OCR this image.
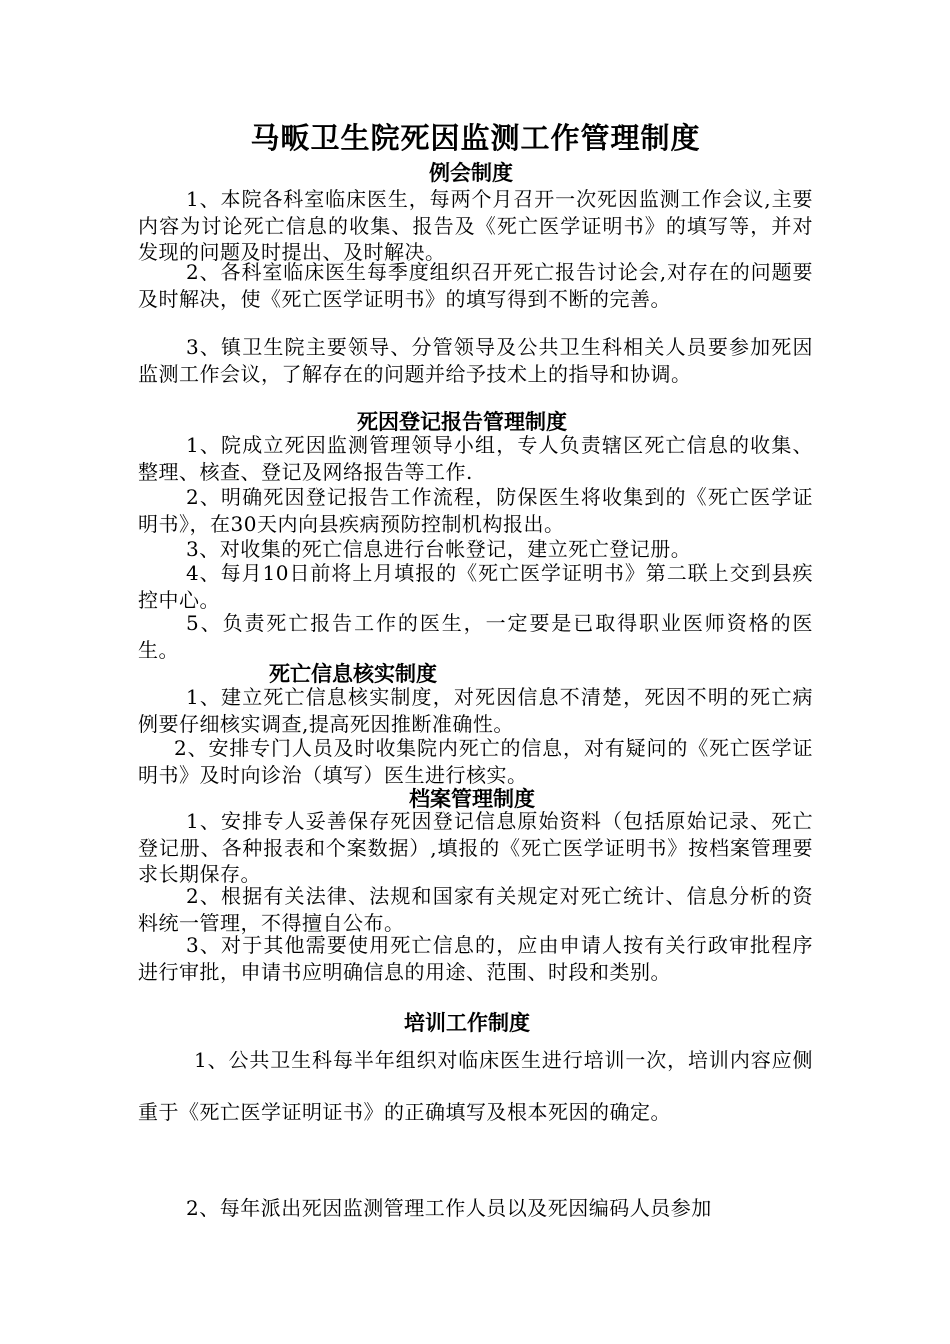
马畈卫生院死因监测工作管理制度
例会制度
1、本院各科室临床医生，每两个月召开一次死因监测工作会议,主要内容为讨论死亡信息的收集、报告及《死亡医学证明书》的填写等，并对发现的问题及时提出、及时解决。
2、各科室临床医生每季度组织召开死亡报告讨论会,对存在的问题要及时解决，使《死亡医学证明书》的填写得到不断的完善。
3、镇卫生院主要领导、分管领导及公共卫生科相关人员要参加死因监测工作会议，了解存在的问题并给予技术上的指导和协调。
死因登记报告管理制度
1、院成立死因监测管理领导小组，专人负责辖区死亡信息的收集、整理、核查、登记及网络报告等工作.
2、明确死因登记报告工作流程，防保医生将收集到的《死亡医学证明书》，在30天内向县疾病预防控制机构报出。
3、对收集的死亡信息进行台帐登记，建立死亡登记册。
4、每月10日前将上月填报的《死亡医学证明书》第二联上交到县疾控中心。
5、负责死亡报告工作的医生，一定要是已取得职业医师资格的医生。
死亡信息核实制度
1、建立死亡信息核实制度，对死因信息不清楚，死因不明的死亡病例要仔细核实调查,提高死因推断准确性。
2、安排专门人员及时收集院内死亡的信息，对有疑问的《死亡医学证明书》及时向诊治（填写）医生进行核实。
档案管理制度
1、安排专人妥善保存死因登记信息原始资料（包括原始记录、死亡登记册、各种报表和个案数据）,填报的《死亡医学证明书》按档案管理要求长期保存。
2、根据有关法律、法规和国家有关规定对死亡统计、信息分析的资料统一管理，不得擅自公布。
3、对于其他需要使用死亡信息的，应由申请人按有关行政审批程序进行审批，申请书应明确信息的用途、范围、时段和类别。
培训工作制度
1、公共卫生科每半年组织对临床医生进行培训一次，培训内容应侧重于《死亡医学证明证书》的正确填写及根本死因的确定。
2、每年派出死因监测管理工作人员以及死因编码人员参加
